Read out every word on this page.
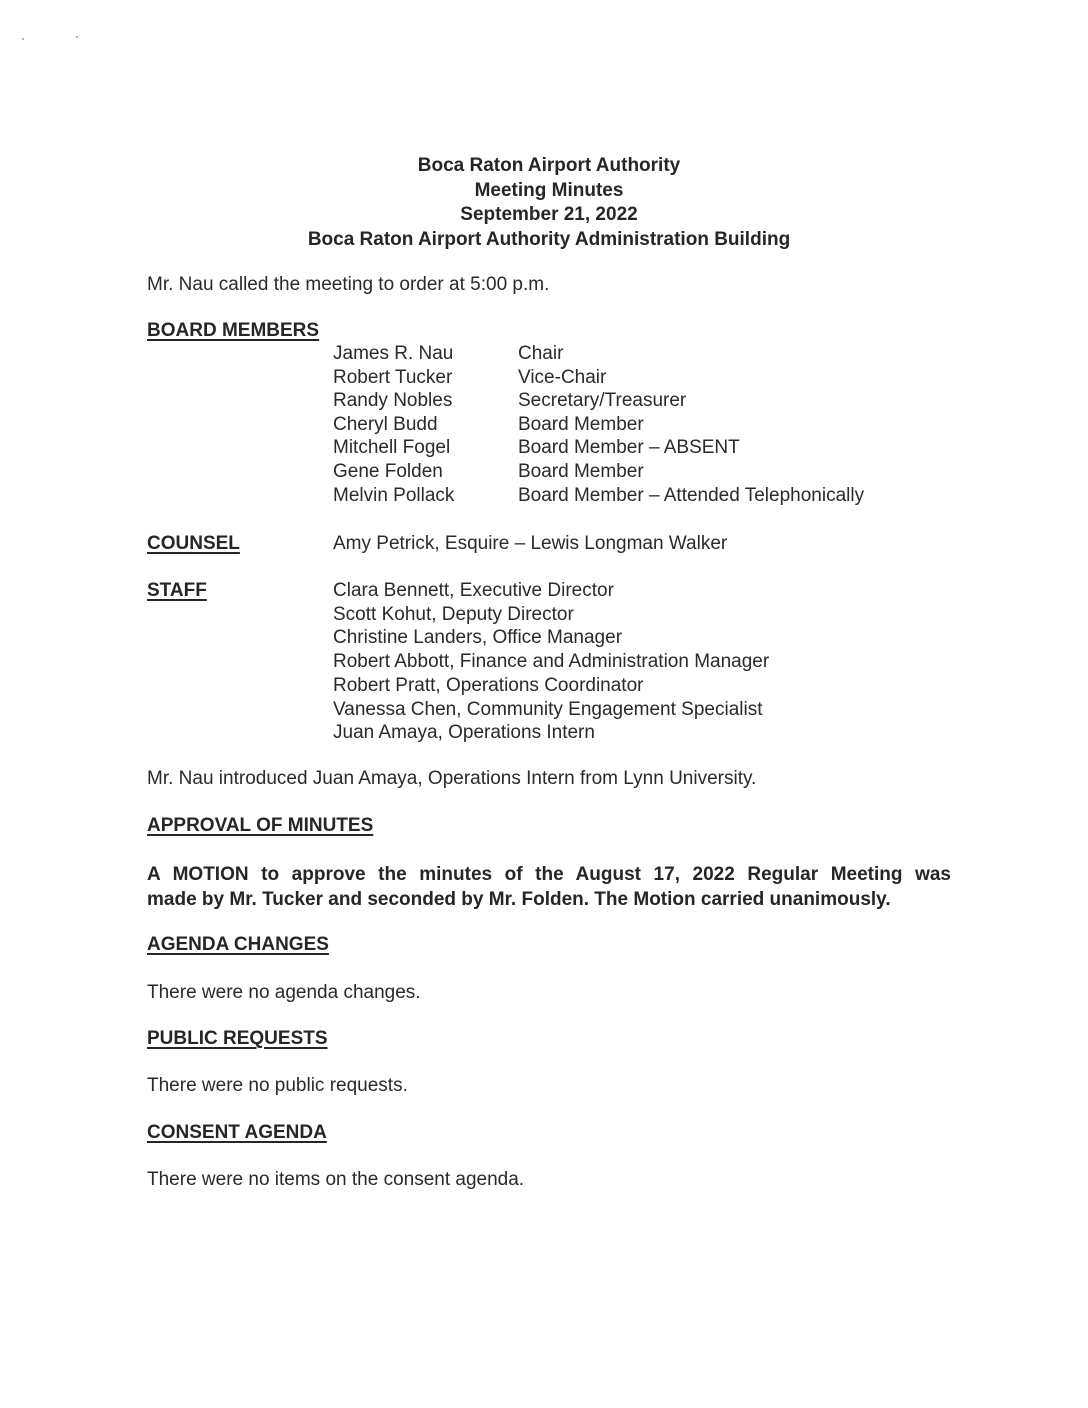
Boca Raton Airport Authority
Meeting Minutes
September 21, 2022
Boca Raton Airport Authority Administration Building
Mr. Nau called the meeting to order at 5:00 p.m.
BOARD MEMBERS
James R. Nau	Chair
Robert Tucker	Vice-Chair
Randy Nobles	Secretary/Treasurer
Cheryl Budd	Board Member
Mitchell Fogel	Board Member – ABSENT
Gene Folden	Board Member
Melvin Pollack	Board Member – Attended Telephonically
COUNSEL	Amy Petrick, Esquire – Lewis Longman Walker
STAFF	Clara Bennett, Executive Director
Scott Kohut, Deputy Director
Christine Landers, Office Manager
Robert Abbott, Finance and Administration Manager
Robert Pratt, Operations Coordinator
Vanessa Chen, Community Engagement Specialist
Juan Amaya, Operations Intern
Mr. Nau introduced Juan Amaya, Operations Intern from Lynn University.
APPROVAL OF MINUTES
A MOTION to approve the minutes of the August 17, 2022 Regular Meeting was
made by Mr. Tucker and seconded by Mr. Folden. The Motion carried unanimously.
AGENDA CHANGES
There were no agenda changes.
PUBLIC REQUESTS
There were no public requests.
CONSENT AGENDA
There were no items on the consent agenda.
